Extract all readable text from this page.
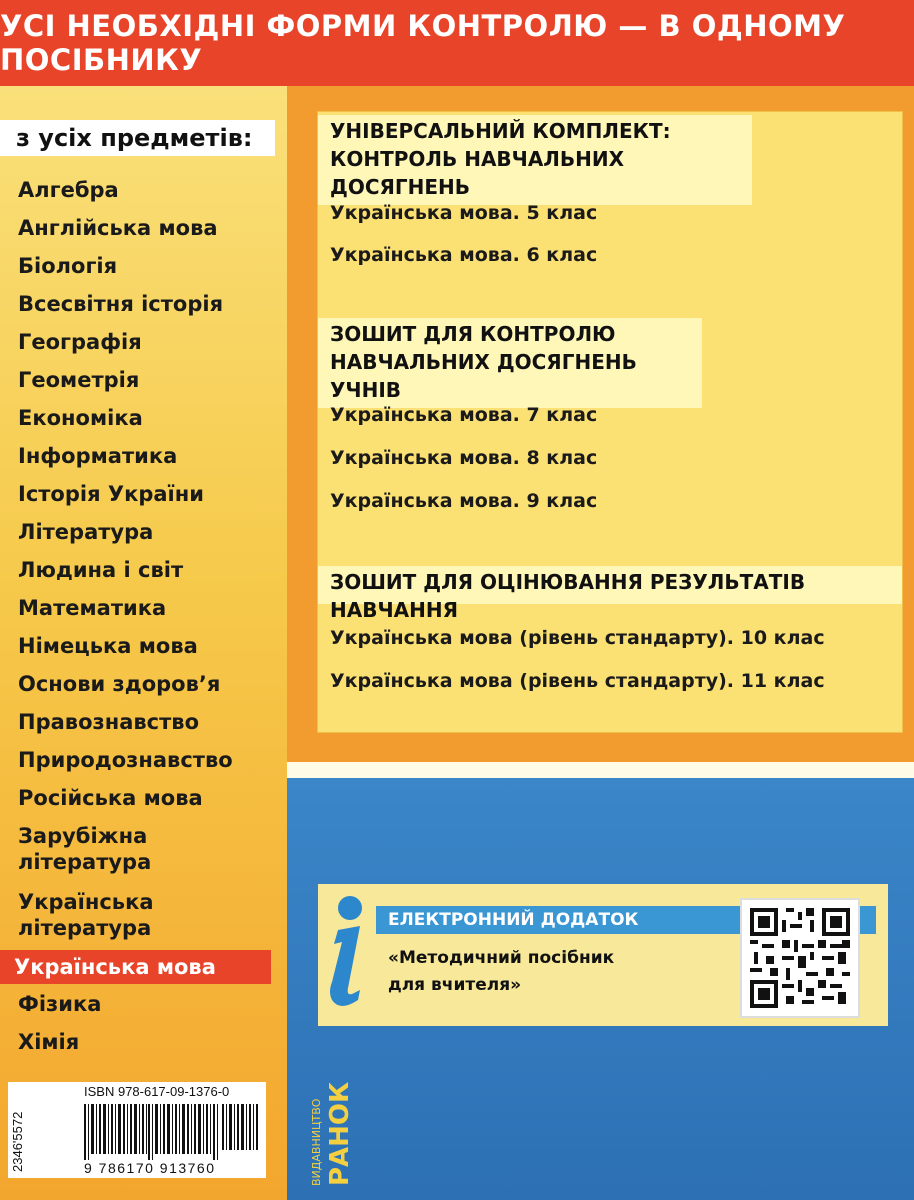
УСІ НЕОБХІДНІ ФОРМИ КОНТРОЛЮ — В ОДНОМУ ПОСІБНИКУ
з усіх предметів:
Алгебра
Англійська мова
Біологія
Всесвітня історія
Географія
Геометрія
Економіка
Інформатика
Історія України
Література
Людина і світ
Математика
Німецька мова
Основи здоров’я
Правознавство
Природознавство
Російська мова
Зарубіжна
література
Українська
література
Українська мова
Фізика
Хімія
2346'5572
ISBN 978-617-09-1376-0
9 786170 913760
УНІВЕРСАЛЬНИЙ КОМПЛЕКТ:
КОНТРОЛЬ НАВЧАЛЬНИХ ДОСЯГНЕНЬ
Українська мова. 5 клас
Українська мова. 6 клас
ЗОШИТ ДЛЯ КОНТРОЛЮ
НАВЧАЛЬНИХ ДОСЯГНЕНЬ УЧНІВ
Українська мова. 7 клас
Українська мова. 8 клас
Українська мова. 9 клас
ЗОШИТ ДЛЯ ОЦІНЮВАННЯ РЕЗУЛЬТАТІВ НАВЧАННЯ
Українська мова (рівень стандарту). 10 клас
Українська мова (рівень стандарту). 11 клас
ЕЛЕКТРОННИЙ ДОДАТОК
«Методичний посібник
для вчителя»
ВИДАВНИЦТВО РАНОК
